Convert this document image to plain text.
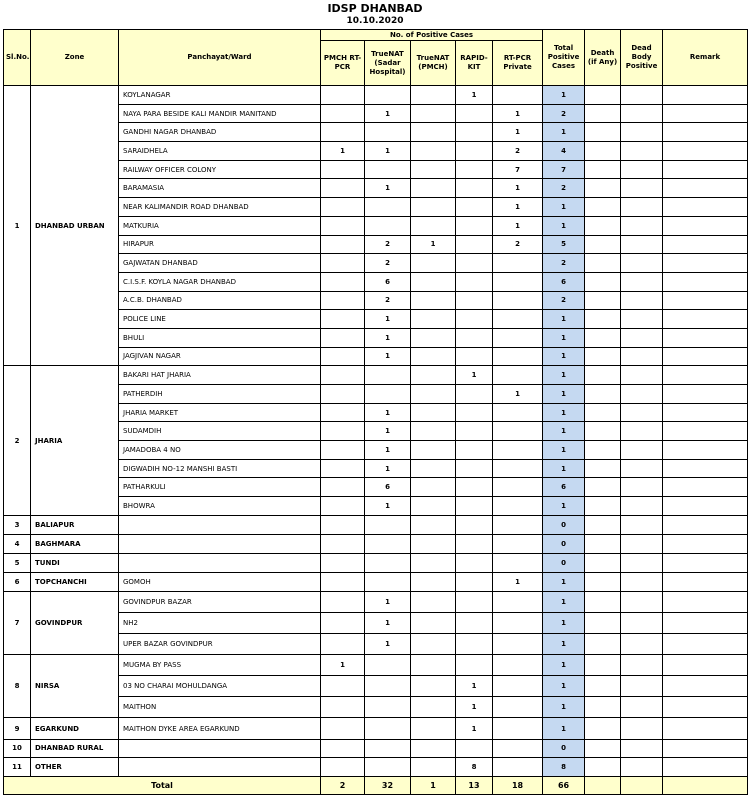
IDSP DHANBAD
10.10.2020
Sl.No.	Zone	Panchayat/Ward	No. of Positive Cases					Total Positive Cases	Death (if Any)	Dead Body Positive	Remark
			PMCH RT-PCR	TrueNAT (Sadar Hospital)	TrueNAT (PMCH)	RAPID-KIT	RT-PCR Private				
1	DHANBAD URBAN	KOYLANAGAR				1		1			
		NAYA PARA BESIDE KALI MANDIR MANITAND		1			1	2			
		GANDHI NAGAR DHANBAD					1	1			
		SARAIDHELA	1	1			2	4			
		RAILWAY OFFICER COLONY					7	7			
		BARAMASIA		1			1	2			
		NEAR KALIMANDIR ROAD DHANBAD					1	1			
		MATKURIA					1	1			
		HIRAPUR		2	1		2	5			
		GAJWATAN DHANBAD		2				2			
		C.I.S.F. KOYLA NAGAR DHANBAD		6				6			
		A.C.B. DHANBAD		2				2			
		POLICE LINE		1				1			
		BHULI		1				1			
		JAGJIVAN NAGAR		1				1			
2	JHARIA	BAKARI HAT JHARIA				1		1			
		PATHERDIH					1	1			
		JHARIA MARKET		1				1			
		SUDAMDIH		1				1			
		JAMADOBA 4 NO		1				1			
		DIGWADIH NO-12 MANSHI BASTI		1				1			
		PATHARKULI		6				6			
		BHOWRA		1				1			
3	BALIAPUR							0			
4	BAGHMARA							0			
5	TUNDI							0			
6	TOPCHANCHI	GOMOH					1	1			
7	GOVINDPUR	GOVINDPUR BAZAR		1				1			
		NH2		1				1			
		UPER BAZAR GOVINDPUR		1				1			
8	NIRSA	MUGMA BY PASS	1					1			
		03 NO CHARAI MOHULDANGA				1		1			
		MAITHON				1		1			
9	EGARKUND	MAITHON DYKE AREA EGARKUND				1		1			
10	DHANBAD RURAL							0			
11	OTHER					8		8			
Total			2	32	1	13	18	66			
